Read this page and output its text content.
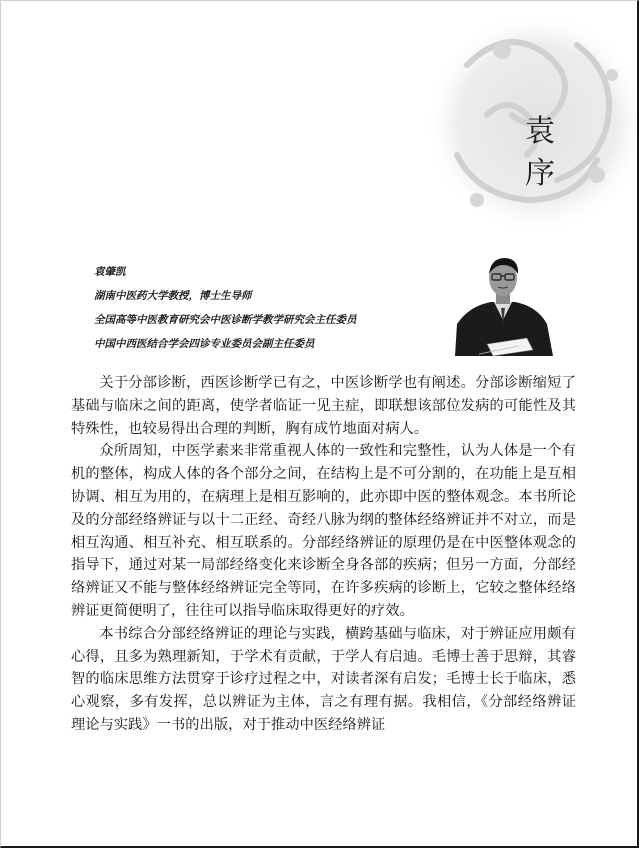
袁
序
袁肇凯
湖南中医药大学教授，博士生导师
全国高等中医教育研究会中医诊断学教学研究会主任委员
中国中西医结合学会四诊专业委员会副主任委员

关于分部诊断，西医诊断学已有之，中医诊断学也有阐述。分部诊断缩短了基础与临床之间的距离，使学者临证一见主症，即联想该部位发病的可能性及其特殊性，也较易得出合理的判断，胸有成竹地面对病人。

众所周知，中医学素来非常重视人体的一致性和完整性，认为人体是一个有机的整体，构成人体的各个部分之间，在结构上是不可分割的，在功能上是互相协调、相互为用的，在病理上是相互影响的，此亦即中医的整体观念。本书所论及的分部经络辨证与以十二正经、奇经八脉为纲的整体经络辨证并不对立，而是相互沟通、相互补充、相互联系的。分部经络辨证的原理仍是在中医整体观念的指导下，通过对某一局部经络变化来诊断全身各部的疾病；但另一方面，分部经络辨证又不能与整体经络辨证完全等同，在许多疾病的诊断上，它较之整体经络辨证更简便明了，往往可以指导临床取得更好的疗效。

本书综合分部经络辨证的理论与实践，横跨基础与临床，对于辨证应用颇有心得，且多为熟理新知，于学术有贡献，于学人有启迪。毛博士善于思辩，其睿智的临床思维方法贯穿于诊疗过程之中，对读者深有启发；毛博士长于临床，悉心观察，多有发挥，总以辨证为主体，言之有理有据。我相信，《分部经络辨证理论与实践》一书的出版，对于推动中医经络辨证
